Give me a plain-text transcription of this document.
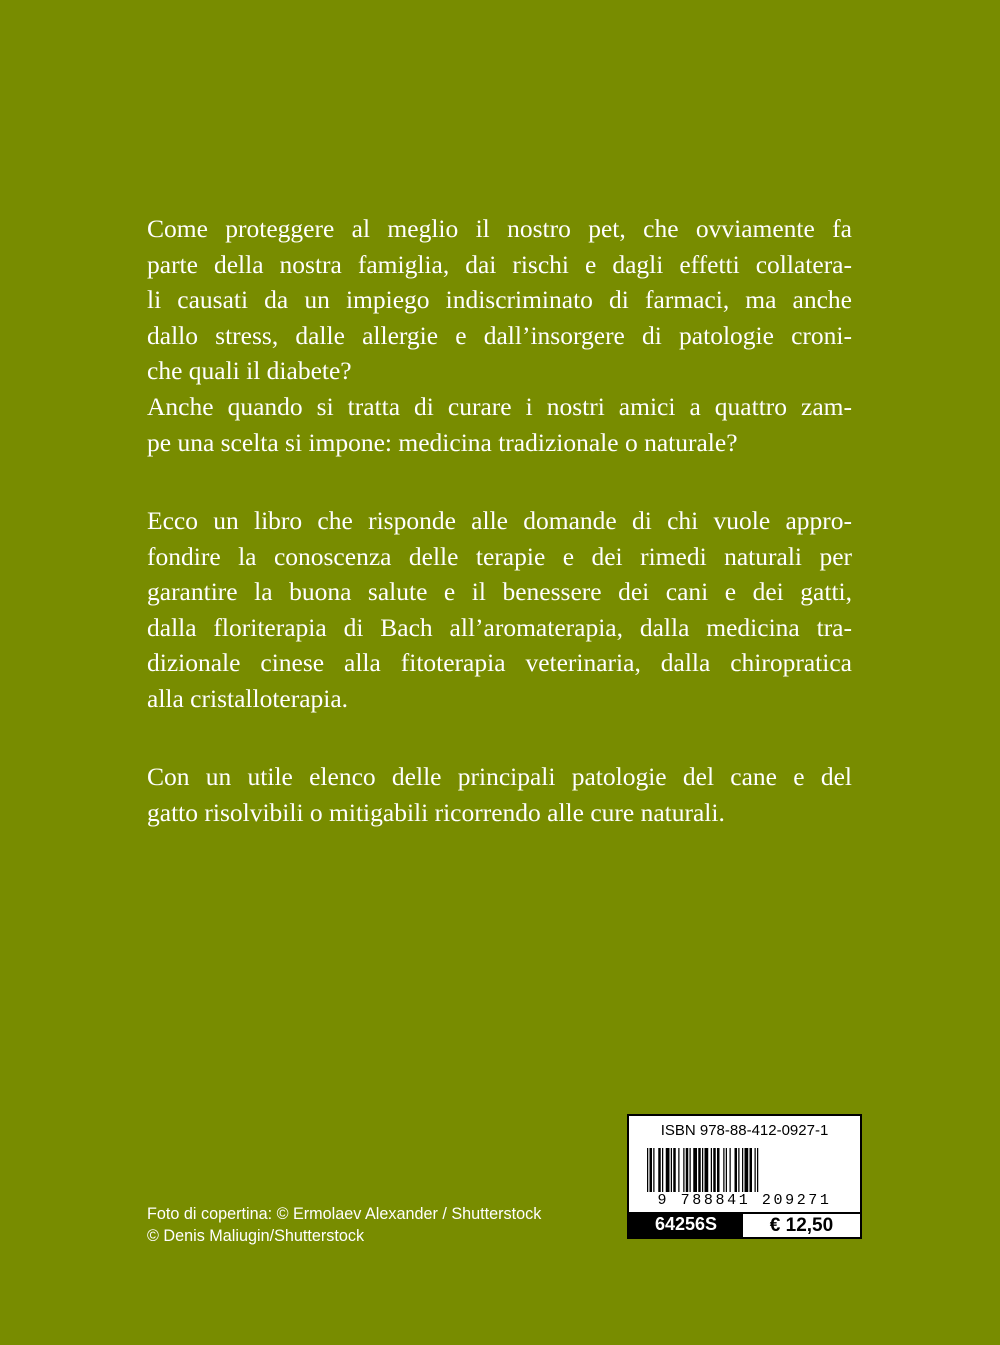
Come proteggere al meglio il nostro pet, che ovviamente fa
parte della nostra famiglia, dai rischi e dagli effetti collatera-
li causati da un impiego indiscriminato di farmaci, ma anche
dallo stress, dalle allergie e dall’insorgere di patologie croni-
che quali il diabete?
Anche quando si tratta di curare i nostri amici a quattro zam-
pe una scelta si impone: medicina tradizionale o naturale?
Ecco un libro che risponde alle domande di chi vuole appro-
fondire la conoscenza delle terapie e dei rimedi naturali per
garantire la buona salute e il benessere dei cani e dei gatti,
dalla floriterapia di Bach all’aromaterapia, dalla medicina tra-
dizionale cinese alla fitoterapia veterinaria, dalla chiropratica
alla cristalloterapia.
Con un utile elenco delle principali patologie del cane e del
gatto risolvibili o mitigabili ricorrendo alle cure naturali.
Foto di copertina: © Ermolaev Alexander / Shutterstock
© Denis Maliugin/Shutterstock
ISBN 978-88-412-0927-1
9 788841 209271
64256S	€ 12,50
